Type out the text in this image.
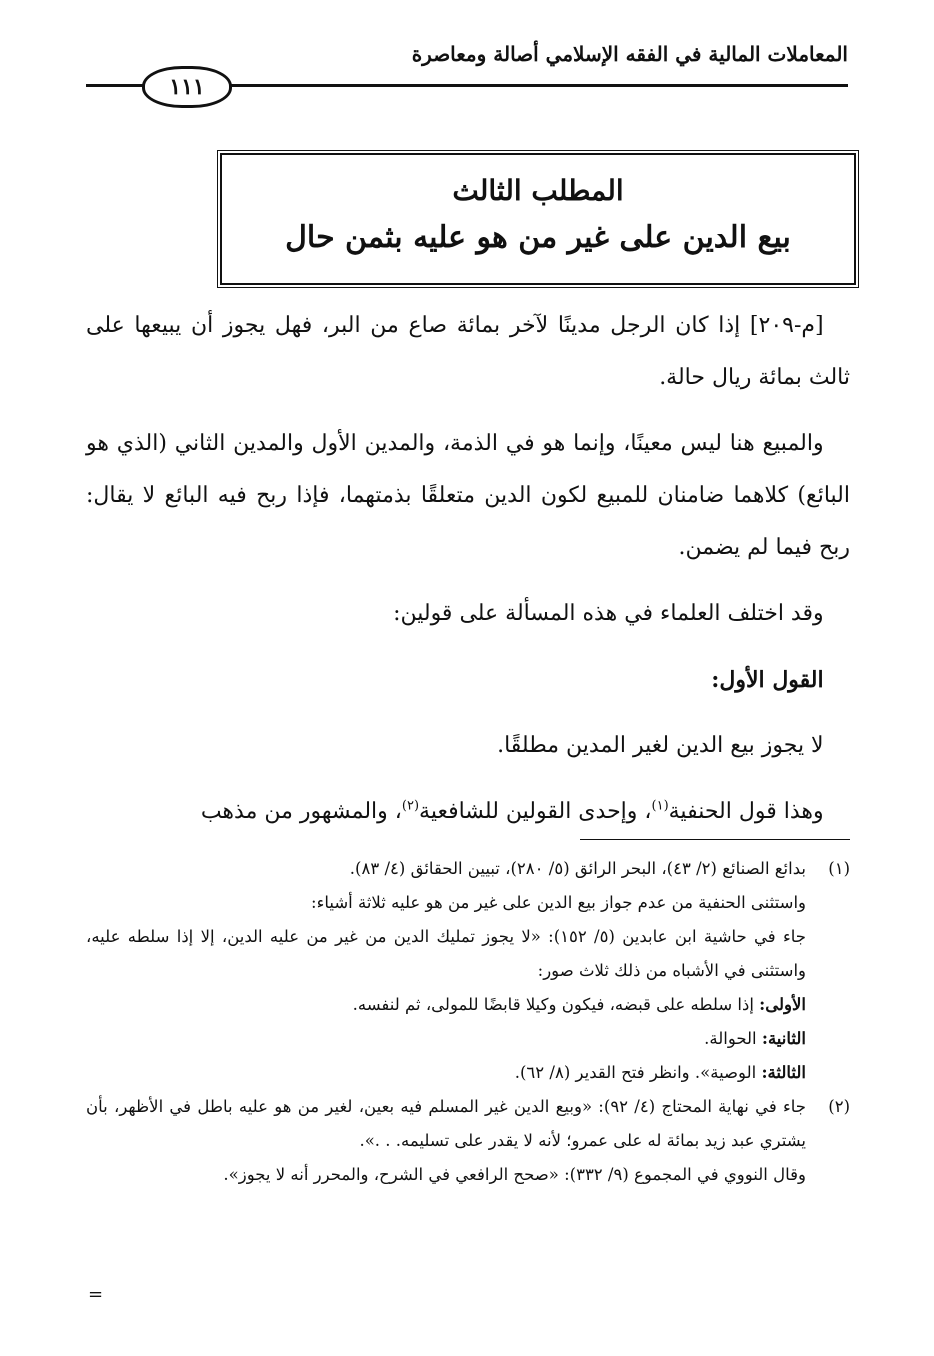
المعاملات المالية في الفقه الإسلامي أصالة ومعاصرة
١١١
المطلب الثالث
بيع الدين على غير من هو عليه بثمن حال

[م-٢٠٩] إذا كان الرجل مدينًا لآخر بمائة صاع من البر، فهل يجوز أن يبيعها على ثالث بمائة ريال حالة.

والمبيع هنا ليس معينًا، وإنما هو في الذمة، والمدين الأول والمدين الثاني (الذي هو البائع) كلاهما ضامنان للمبيع لكون الدين متعلقًا بذمتهما، فإذا ربح فيه البائع لا يقال: ربح فيما لم يضمن.

وقد اختلف العلماء في هذه المسألة على قولين:

القول الأول:

لا يجوز بيع الدين لغير المدين مطلقًا.

وهذا قول الحنفية$^{(١)}$، وإحدى القولين للشافعية$^{(٢)}$، والمشهور من مذهب

(١)

بدائع الصنائع (٢/ ٤٣)، البحر الرائق (٥/ ٢٨٠)، تبيين الحقائق (٤/ ٨٣).

واستثنى الحنفية من عدم جواز بيع الدين على غير من هو عليه ثلاثة أشياء:

جاء في حاشية ابن عابدين (٥/ ١٥٢): «لا يجوز تمليك الدين من غير من عليه الدين، إلا إذا سلطه عليه، واستثنى في الأشباه من ذلك ثلاث صور:

الأولى: إذا سلطه على قبضه، فيكون وكيلا قابضًا للمولى، ثم لنفسه.

الثانية: الحوالة.

الثالثة: الوصية». وانظر فتح القدير (٨/ ٦٢).

(٢)

جاء في نهاية المحتاج (٤/ ٩٢): «وبيع الدين غير المسلم فيه بعين، لغير من هو عليه باطل في الأظهر، بأن يشتري عبد زيد بمائة له على عمرو؛ لأنه لا يقدر على تسليمه. . .».

وقال النووي في المجموع (٩/ ٣٣٢): «صحح الرافعي في الشرح، والمحرر أنه لا يجوز».

=
